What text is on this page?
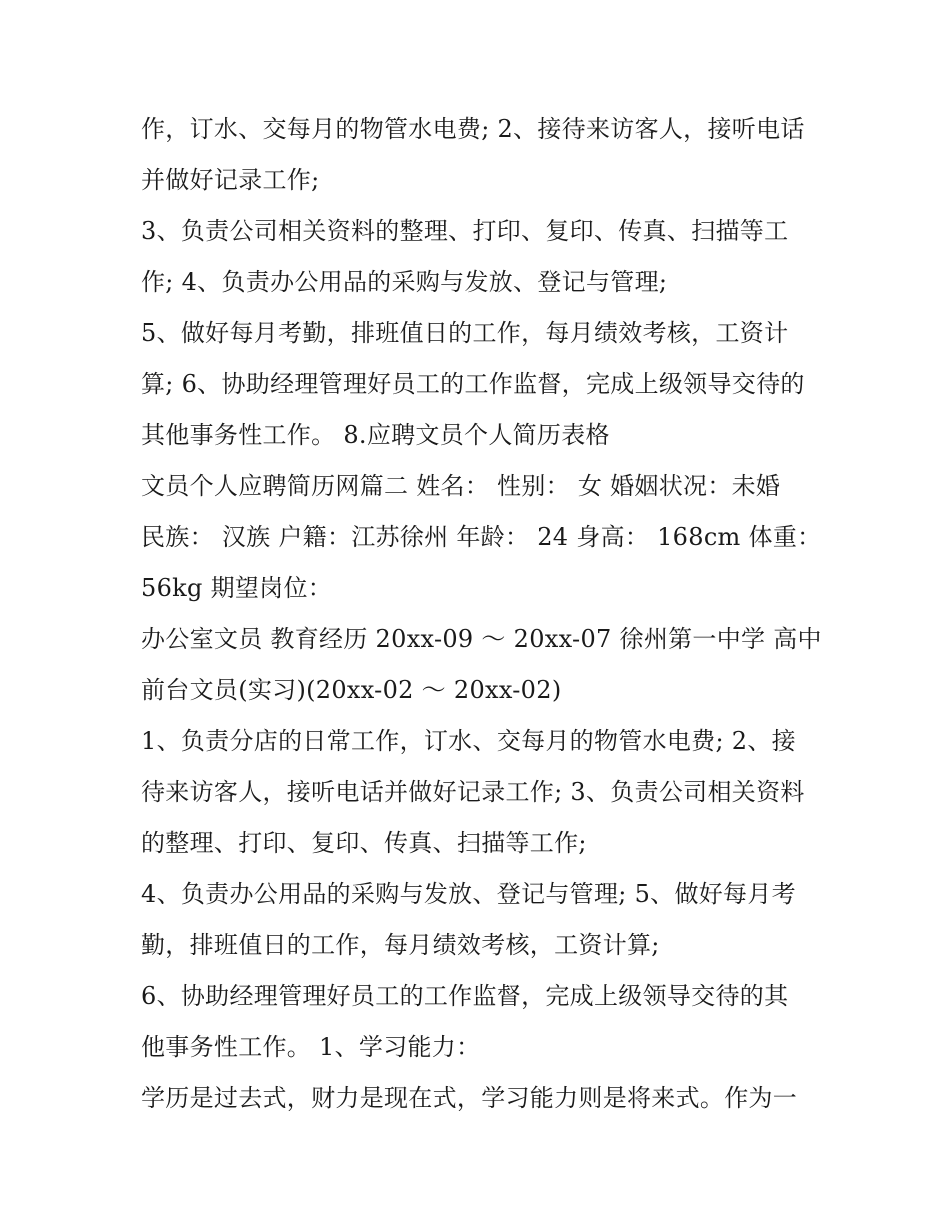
作，订水、交每月的物管水电费; 2、接待来访客人，接听电话
并做好记录工作;
3、负责公司相关资料的整理、打印、复印、传真、扫描等工
作; 4、负责办公用品的采购与发放、登记与管理;
5、做好每月考勤，排班值日的工作，每月绩效考核，工资计
算; 6、协助经理管理好员工的工作监督，完成上级领导交待的
其他事务性工作。 8.应聘文员个人简历表格
文员个人应聘简历网篇二 姓名： 性别： 女 婚姻状况：未婚
民族： 汉族 户籍：江苏徐州 年龄： 24 身高： 168cm 体重：
56kg 期望岗位：
办公室文员 教育经历 20xx-09 ～ 20xx-07 徐州第一中学 高中
前台文员(实习)(20xx-02 ～ 20xx-02)
1、负责分店的日常工作，订水、交每月的物管水电费; 2、接
待来访客人，接听电话并做好记录工作; 3、负责公司相关资料
的整理、打印、复印、传真、扫描等工作;
4、负责办公用品的采购与发放、登记与管理; 5、做好每月考
勤，排班值日的工作，每月绩效考核，工资计算;
6、协助经理管理好员工的工作监督，完成上级领导交待的其
他事务性工作。 1、学习能力：
学历是过去式，财力是现在式，学习能力则是将来式。作为一
